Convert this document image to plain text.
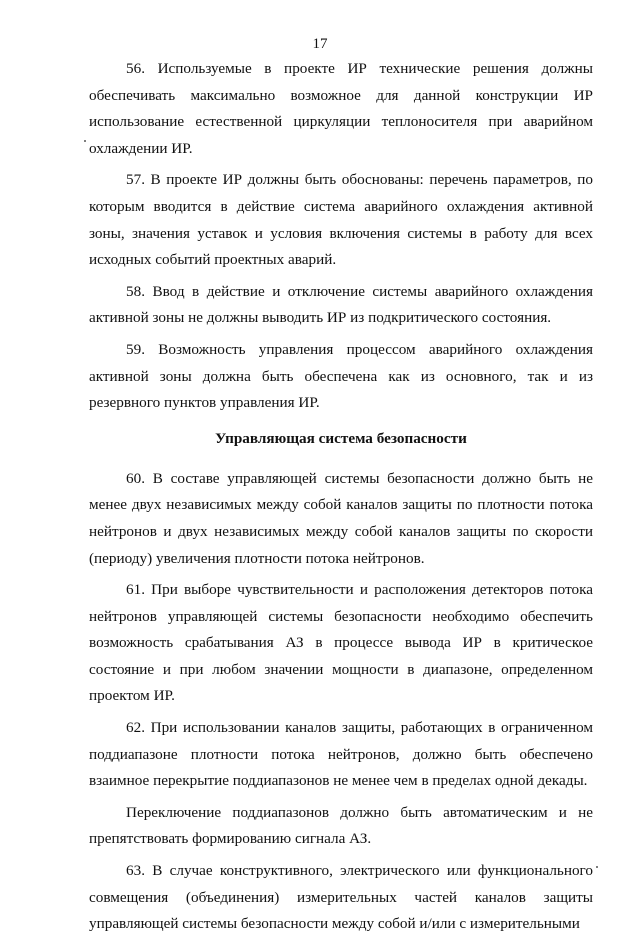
17

56. Используемые в проекте ИР технические решения должны обеспечивать максимально возможное для данной конструкции ИР использование естественной циркуляции теплоносителя при аварийном охлаждении ИР.

57. В проекте ИР должны быть обоснованы: перечень параметров, по которым вводится в действие система аварийного охлаждения активной зоны, значения уставок и условия включения системы в работу для всех исходных событий проектных аварий.

58. Ввод в действие и отключение системы аварийного охлаждения активной зоны не должны выводить ИР из подкритического состояния.

59. Возможность управления процессом аварийного охлаждения активной зоны должна быть обеспечена как из основного, так и из резервного пунктов управления ИР.

Управляющая система безопасности

60. В составе управляющей системы безопасности должно быть не менее двух независимых между собой каналов защиты по плотности потока нейтронов и двух независимых между собой каналов защиты по скорости (периоду) увеличения плотности потока нейтронов.

61. При выборе чувствительности и расположения детекторов потока нейтронов управляющей системы безопасности необходимо обеспечить возможность срабатывания АЗ в процессе вывода ИР в критическое состояние и при любом значении мощности в диапазоне, определенном проектом ИР.

62. При использовании каналов защиты, работающих в ограниченном поддиапазоне плотности потока нейтронов, должно быть обеспечено взаимное перекрытие поддиапазонов не менее чем в пределах одной декады.

Переключение поддиапазонов должно быть автоматическим и не препятствовать формированию сигнала АЗ.

63. В случае конструктивного, электрического или функционального совмещения (объединения) измерительных частей каналов защиты управляющей системы безопасности между собой и/или с измерительными
